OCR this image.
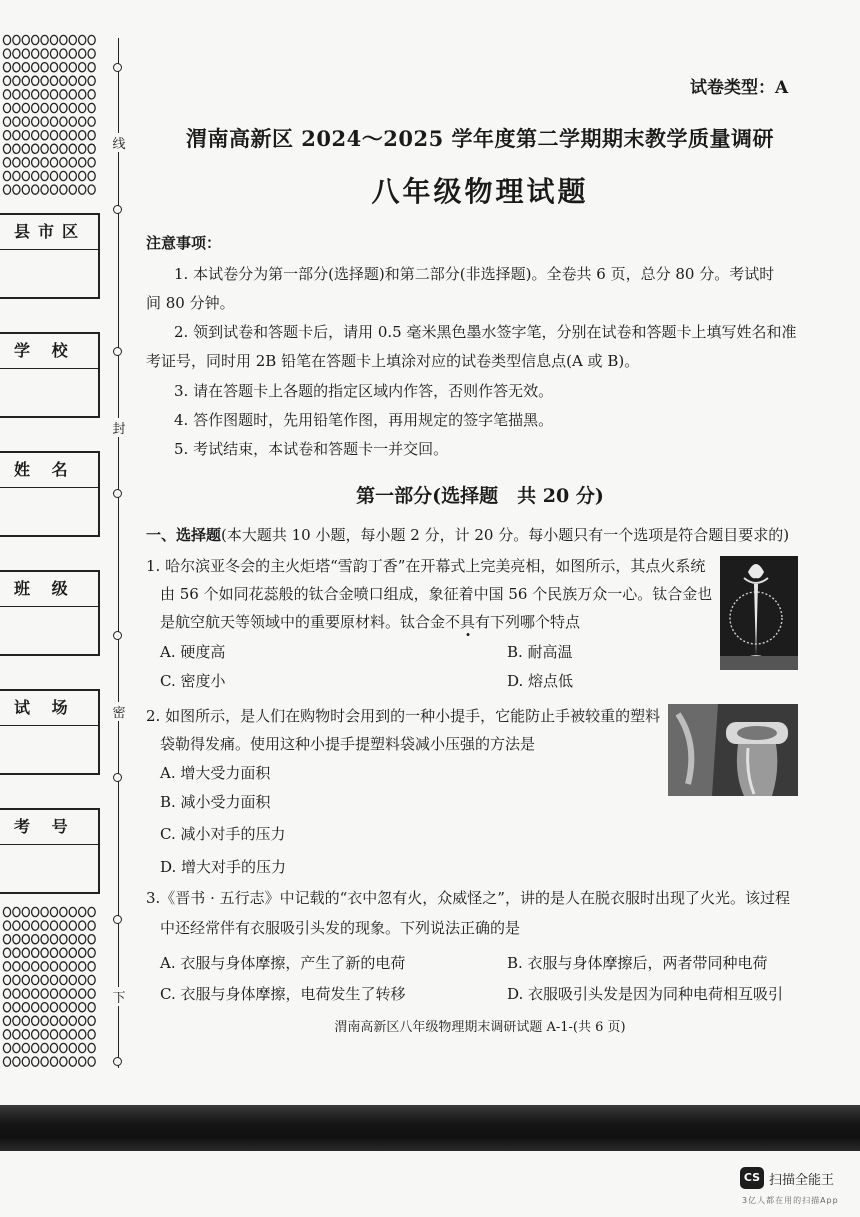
县市区
学 校
姓 名
班 级
试 场
考 号
线
封
密
下
试卷类型：A
渭南高新区 2024～2025 学年度第二学期期末教学质量调研
八年级物理试题
注意事项：
1. 本试卷分为第一部分(选择题)和第二部分(非选择题)。全卷共 6 页，总分 80 分。考试时
间 80 分钟。
2. 领到试卷和答题卡后，请用 0.5 毫米黑色墨水签字笔，分别在试卷和答题卡上填写姓名和准
考证号，同时用 2B 铅笔在答题卡上填涂对应的试卷类型信息点(A 或 B)。
3. 请在答题卡上各题的指定区域内作答，否则作答无效。
4. 答作图题时，先用铅笔作图，再用规定的签字笔描黑。
5. 考试结束，本试卷和答题卡一并交回。
第一部分(选择题　共 20 分)
一、选择题(本大题共 10 小题，每小题 2 分，计 20 分。每小题只有一个选项是符合题目要求的)
1. 哈尔滨亚冬会的主火炬塔“雪韵丁香”在开幕式上完美亮相，如图所示，其点火系统
由 56 个如同花蕊般的钛合金喷口组成，象征着中国 56 个民族万众一心。钛合金也
是航空航天等领域中的重要原材料。钛合金不具有下列哪个特点
A. 硬度高	B. 耐高温
C. 密度小	D. 熔点低
2. 如图所示，是人们在购物时会用到的一种小提手，它能防止手被较重的塑料
袋勒得发痛。使用这种小提手提塑料袋减小压强的方法是
A. 增大受力面积
B. 减小受力面积
C. 减小对手的压力
D. 增大对手的压力
3.《晋书 · 五行志》中记载的“衣中忽有火，众威怪之”，讲的是人在脱衣服时出现了火光。该过程
中还经常伴有衣服吸引头发的现象。下列说法正确的是
A. 衣服与身体摩擦，产生了新的电荷	B. 衣服与身体摩擦后，两者带同种电荷
C. 衣服与身体摩擦，电荷发生了转移	D. 衣服吸引头发是因为同种电荷相互吸引
渭南高新区八年级物理期末调研试题 A-1-(共 6 页)
CS 扫描全能王
3亿人都在用的扫描App
